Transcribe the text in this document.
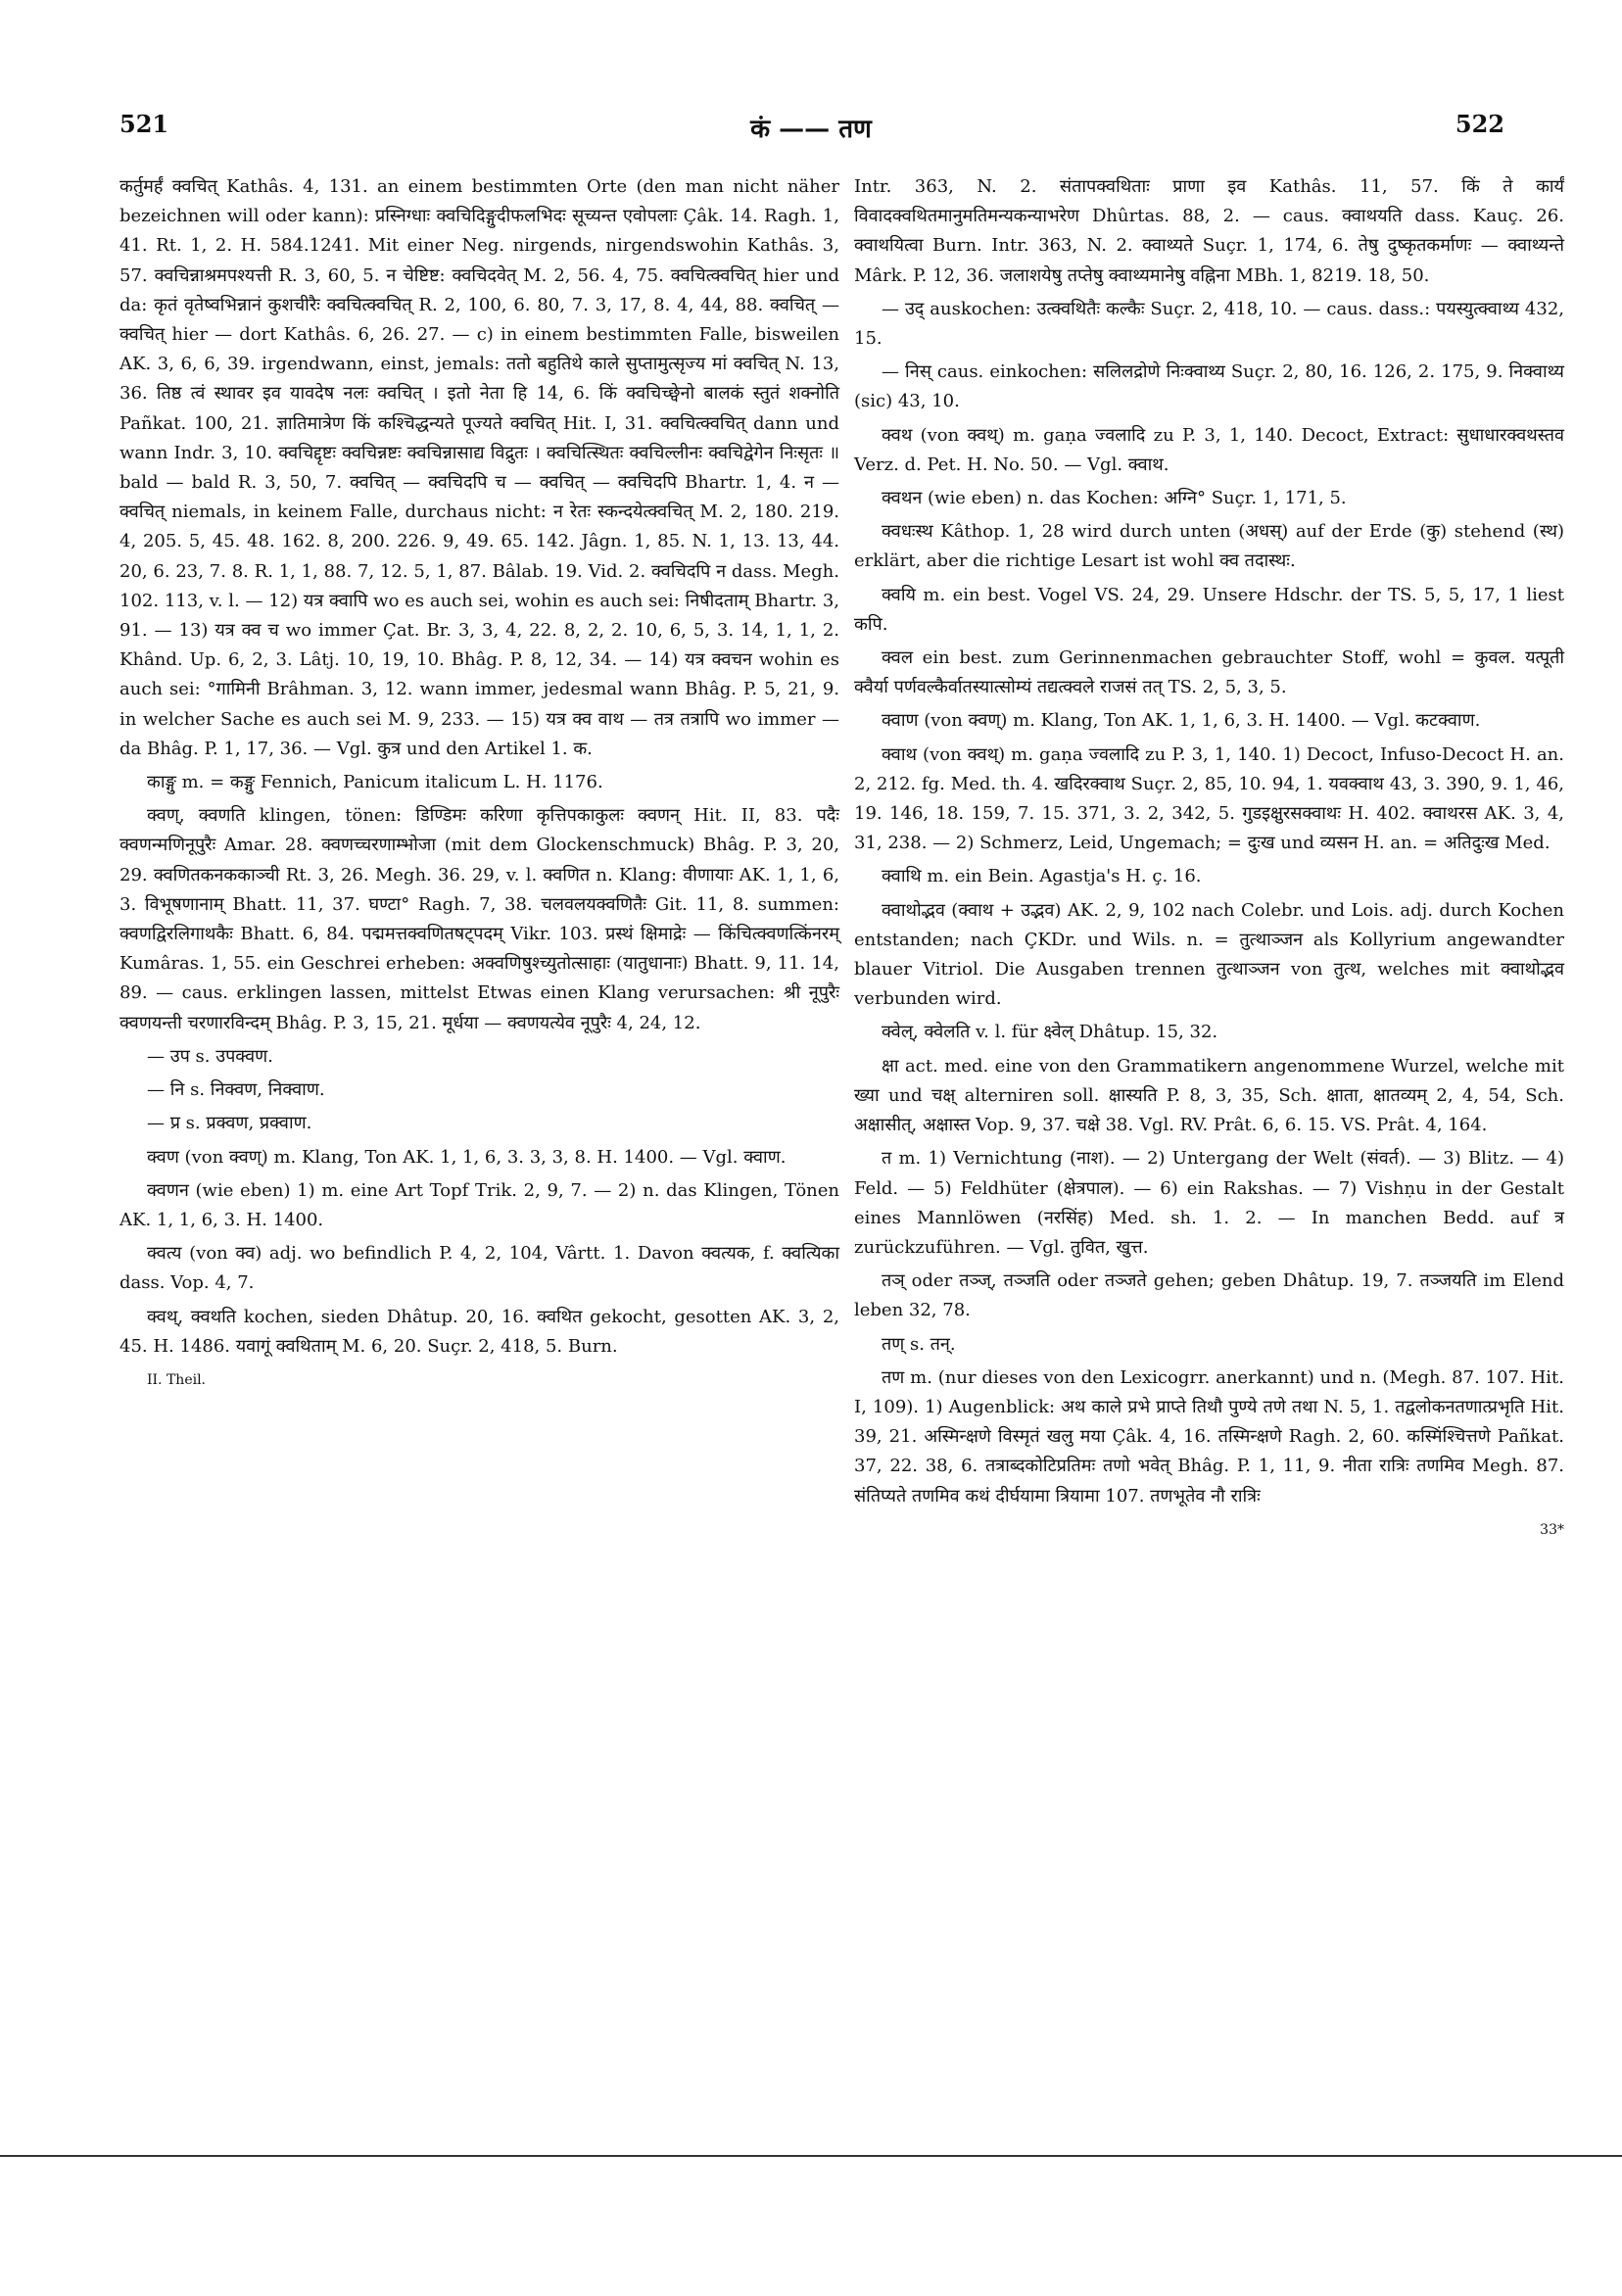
521	कं —— तण	522

कर्तुमर्हं क्वचित् Kathâs. 4, 131. an einem bestimmten Orte (den man nicht näher bezeichnen will oder kann): प्रस्निग्धाः क्वचिदिङ्गुदीफलभिदः सूच्यन्त एवोपलाः Çâk. 14. Ragh. 1, 41. Rt. 1, 2. H. 584.1241. Mit einer Neg. nirgends, nirgendswohin Kathâs. 3, 57. क्वचिन्नाश्रमपश्यत्ती R. 3, 60, 5. न चेष्टिष्ट: क्वचिदवेत् M. 2, 56. 4, 75. क्वचित्क्वचित् hier und da: कृतं वृतेष्वभिन्नानं कुशचीरैः क्वचित्क्वचित् R. 2, 100, 6. 80, 7. 3, 17, 8. 4, 44, 88. क्वचित् — क्वचित् hier — dort Kathâs. 6, 26. 27. — c) in einem bestimmten Falle, bisweilen AK. 3, 6, 6, 39. irgendwann, einst, jemals: ततो बहुतिथे काले सुप्तामुत्सृज्य मां क्वचित् N. 13, 36. तिष्ठ त्वं स्थावर इव यावदेष नलः क्वचित् । इतो नेता हि 14, 6. किं क्वचिच्छ्वेनो बालकं स्तुतं शक्नोति Pañkat. 100, 21. ज्ञातिमात्रेण किं कश्चिद्धन्यते पूज्यते क्वचित् Hit. I, 31. क्वचित्क्वचित् dann und wann Indr. 3, 10. क्वचिद्दृष्टः क्वचिन्नष्टः क्वचिन्नासाद्य विद्रुतः । क्वचित्स्थितः क्वचिल्लीनः क्वचिद्वेगेन निःसृतः ॥ bald — bald R. 3, 50, 7. क्वचित् — क्वचिदपि च — क्वचित् — क्वचिदपि Bhartr. 1, 4. न — क्वचित् niemals, in keinem Falle, durchaus nicht: न रेतः स्कन्दयेत्क्वचित् M. 2, 180. 219. 4, 205. 5, 45. 48. 162. 8, 200. 226. 9, 49. 65. 142. Jâgn. 1, 85. N. 1, 13. 13, 44. 20, 6. 23, 7. 8. R. 1, 1, 88. 7, 12. 5, 1, 87. Bâlab. 19. Vid. 2. क्वचिदपि न dass. Megh. 102. 113, v. l. — 12) यत्र क्वापि wo es auch sei, wohin es auch sei: निषीदताम् Bhartr. 3, 91. — 13) यत्र क्व च wo immer Çat. Br. 3, 3, 4, 22. 8, 2, 2. 10, 6, 5, 3. 14, 1, 1, 2. Khând. Up. 6, 2, 3. Lâtj. 10, 19, 10. Bhâg. P. 8, 12, 34. — 14) यत्र क्वचन wohin es auch sei: °गामिनी Brâhman. 3, 12. wann immer, jedesmal wann Bhâg. P. 5, 21, 9. in welcher Sache es auch sei M. 9, 233. — 15) यत्र क्व वाथ — तत्र तत्रापि wo immer — da Bhâg. P. 1, 17, 36. — Vgl. कुत्र und den Artikel 1. क.

काङ्गु m. = कङ्गु Fennich, Panicum italicum L. H. 1176.

क्वण्, क्वणति klingen, tönen: डिण्डिमः करिणा कृत्तिपकाकुलः क्वणन् Hit. II, 83. पदैः क्वणन्मणिनूपुरैः Amar. 28. क्वणच्चरणाम्भोजा (mit dem Glockenschmuck) Bhâg. P. 3, 20, 29. क्वणितकनककाञ्ची Rt. 3, 26. Megh. 36. 29, v. l. क्वणित n. Klang: वीणायाः AK. 1, 1, 6, 3. विभूषणानाम् Bhatt. 11, 37. घण्टा° Ragh. 7, 38. चलवलयक्वणितैः Git. 11, 8. summen: क्वणद्विरलिगाथकैः Bhatt. 6, 84. पद्ममत्तक्वणितषट्पदम् Vikr. 103. प्रस्थं क्षिमाद्रेः — किंचित्क्वणत्किंनरम् Kumâras. 1, 55. ein Geschrei erheben: अक्वणिषुश्च्युतोत्साहाः (यातुधानाः) Bhatt. 9, 11. 14, 89. — caus. erklingen lassen, mittelst Etwas einen Klang verursachen: श्री नूपुरैः क्वणयन्ती चरणारविन्दम् Bhâg. P. 3, 15, 21. मूर्धया — क्वणयत्येव नूपुरैः 4, 24, 12.

— उप s. उपक्वण.

— नि s. निक्वण, निक्वाण.

— प्र s. प्रक्वण, प्रक्वाण.

क्वण (von क्वण्) m. Klang, Ton AK. 1, 1, 6, 3. 3, 3, 8. H. 1400. — Vgl. क्वाण.

क्वणन (wie eben) 1) m. eine Art Topf Trik. 2, 9, 7. — 2) n. das Klingen, Tönen AK. 1, 1, 6, 3. H. 1400.

क्वत्य (von क्व) adj. wo befindlich P. 4, 2, 104, Vârtt. 1. Davon क्वत्यक, f. क्वत्यिका dass. Vop. 4, 7.

क्वथ्, क्वथति kochen, sieden Dhâtup. 20, 16. क्वथित gekocht, gesotten AK. 3, 2, 45. H. 1486. यवागूं क्वथिताम् M. 6, 20. Suçr. 2, 418, 5. Burn.

II. Theil.

Intr. 363, N. 2. संतापक्वथिताः प्राणा इव Kathâs. 11, 57. किं ते कार्यं विवादक्वथितमानुमतिमन्यकन्याभरेण Dhûrtas. 88, 2. — caus. क्वाथयति dass. Kauç. 26. क्वाथयित्वा Burn. Intr. 363, N. 2. क्वाथ्यते Suçr. 1, 174, 6. तेषु दुष्कृतकर्माणः — क्वाथ्यन्ते Mârk. P. 12, 36. जलाशयेषु तप्तेषु क्वाथ्यमानेषु वह्निना MBh. 1, 8219. 18, 50.

— उद् auskochen: उत्क्वथितैः कल्कैः Suçr. 2, 418, 10. — caus. dass.: पयस्युत्क्वाथ्य 432, 15.

— निस् caus. einkochen: सलिलद्रोणे निःक्वाथ्य Suçr. 2, 80, 16. 126, 2. 175, 9. निक्वाथ्य (sic) 43, 10.

क्वथ (von क्वथ्) m. gaṇa ज्वलादि zu P. 3, 1, 140. Decoct, Extract: सुधाधारक्वथस्तव Verz. d. Pet. H. No. 50. — Vgl. क्वाथ.

क्वथन (wie eben) n. das Kochen: अग्नि° Suçr. 1, 171, 5.

क्वधःस्थ Kâthop. 1, 28 wird durch unten (अधस्) auf der Erde (कु) stehend (स्थ) erklärt, aber die richtige Lesart ist wohl क्व तदास्थः.

क्वयि m. ein best. Vogel VS. 24, 29. Unsere Hdschr. der TS. 5, 5, 17, 1 liest कपि.

क्वल ein best. zum Gerinnenmachen gebrauchter Stoff, wohl = कुवल. यत्पूती क्वैर्या पर्णवल्कैर्वातस्यात्सोम्यं तद्यत्क्वले राजसं तत् TS. 2, 5, 3, 5.

क्वाण (von क्वण्) m. Klang, Ton AK. 1, 1, 6, 3. H. 1400. — Vgl. कटक्वाण.

क्वाथ (von क्वथ्) m. gaṇa ज्वलादि zu P. 3, 1, 140. 1) Decoct, Infuso-Decoct H. an. 2, 212. fg. Med. th. 4. खदिरक्वाथ Suçr. 2, 85, 10. 94, 1. यवक्वाथ 43, 3. 390, 9. 1, 46, 19. 146, 18. 159, 7. 15. 371, 3. 2, 342, 5. गुडइक्षुरसक्वाथः H. 402. क्वाथरस AK. 3, 4, 31, 238. — 2) Schmerz, Leid, Ungemach; = दुःख und व्यसन H. an. = अतिदुःख Med.

क्वाथि m. ein Bein. Agastja's H. ç. 16.

क्वाथोद्भव (क्वाथ + उद्भव) AK. 2, 9, 102 nach Colebr. und Lois. adj. durch Kochen entstanden; nach ÇKDr. und Wils. n. = तुत्थाञ्जन als Kollyrium angewandter blauer Vitriol. Die Ausgaben trennen तुत्थाञ्जन von तुत्थ, welches mit क्वाथोद्भव verbunden wird.

क्वेल्, क्वेलति v. l. für क्ष्वेल् Dhâtup. 15, 32.

क्षा act. med. eine von den Grammatikern angenommene Wurzel, welche mit ख्या und चक्ष् alterniren soll. क्षास्यति P. 8, 3, 35, Sch. क्षाता, क्षातव्यम् 2, 4, 54, Sch. अक्षासीत्, अक्षास्त Vop. 9, 37. चक्षे 38. Vgl. RV. Prât. 6, 6. 15. VS. Prât. 4, 164.

त m. 1) Vernichtung (नाश). — 2) Untergang der Welt (संवर्त). — 3) Blitz. — 4) Feld. — 5) Feldhüter (क्षेत्रपाल). — 6) ein Rakshas. — 7) Vishṇu in der Gestalt eines Mannlöwen (नरसिंह) Med. sh. 1. 2. — In manchen Bedd. auf त्र zurückzuführen. — Vgl. तुवित, खुत्त.

तञ् oder तञ्ज्, तञ्जति oder तञ्जते gehen; geben Dhâtup. 19, 7. तञ्जयति im Elend leben 32, 78.

तण् s. तन्.

तण m. (nur dieses von den Lexicogrr. anerkannt) und n. (Megh. 87. 107. Hit. I, 109). 1) Augenblick: अथ काले प्रभे प्राप्ते तिथौ पुण्ये तणे तथा N. 5, 1. तद्वलोकनतणात्प्रभृति Hit. 39, 21. अस्मिन्क्षणे विस्मृतं खलु मया Çâk. 4, 16. तस्मिन्क्षणे Ragh. 2, 60. कस्मिंश्चित्तणे Pañkat. 37, 22. 38, 6. तत्राब्दकोटिप्रतिमः तणो भवेत् Bhâg. P. 1, 11, 9. नीता रात्रिः तणमिव Megh. 87. संतिप्यते तणमिव कथं दीर्घयामा त्रियामा 107. तणभूतेव नौ रात्रिः

33*
